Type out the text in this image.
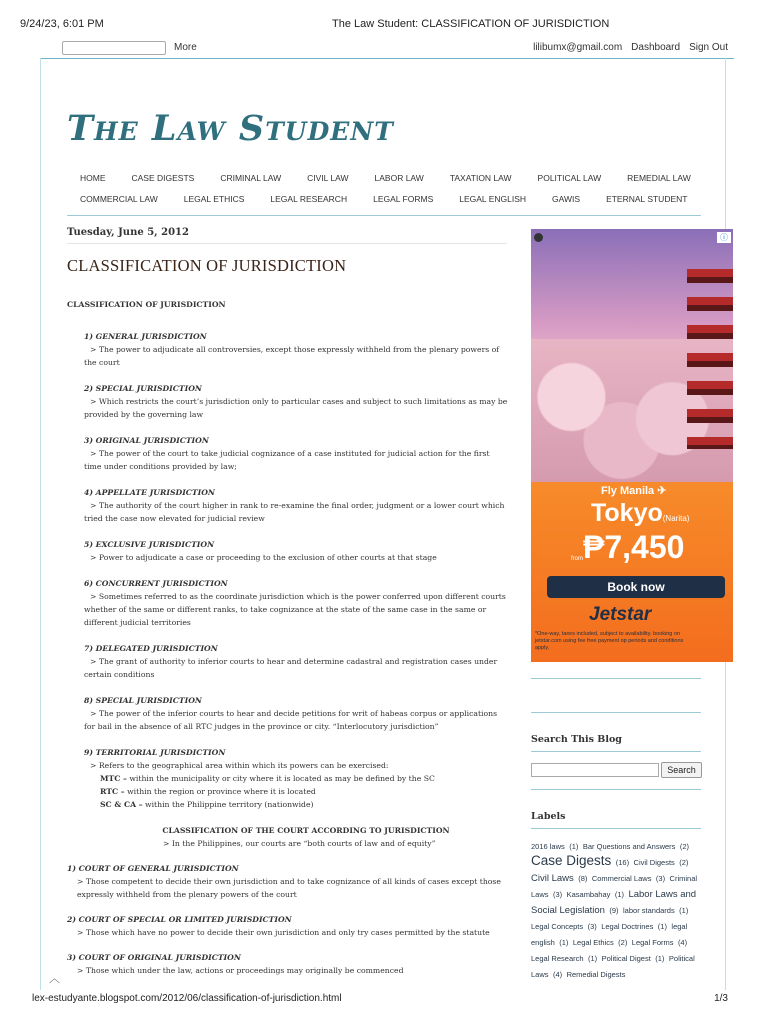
9/24/23, 6:01 PM	The Law Student: CLASSIFICATION OF JURISDICTION
More	lilibumx@gmail.com Dashboard Sign Out
The Law Student
HOME	CASE DIGESTS	CRIMINAL LAW	CIVIL LAW	LABOR LAW	TAXATION LAW	POLITICAL LAW	REMEDIAL LAW
COMMERCIAL LAW	LEGAL ETHICS	LEGAL RESEARCH	LEGAL FORMS	LEGAL ENGLISH	GAWIS	ETERNAL STUDENT
Tuesday, June 5, 2012
CLASSIFICATION OF JURISDICTION
CLASSIFICATION OF JURISDICTION
1) GENERAL JURISDICTION
> The power to adjudicate all controversies, except those expressly withheld from the plenary powers of the court
2) SPECIAL JURISDICTION
> Which restricts the court’s jurisdiction only to particular cases and subject to such limitations as may be provided by the governing law
3) ORIGINAL JURISDICTION
> The power of the court to take judicial cognizance of a case instituted for judicial action for the first time under conditions provided by law;
4) APPELLATE JURISDICTION
> The authority of the court higher in rank to re-examine the final order, judgment or a lower court which tried the case now elevated for judicial review
5) EXCLUSIVE JURISDICTION
> Power to adjudicate a case or proceeding to the exclusion of other courts at that stage
6) CONCURRENT JURISDICTION
> Sometimes referred to as the coordinate jurisdiction which is the power conferred upon different courts whether of the same or different ranks, to take cognizance at the state of the same case in the same or different judicial territories
7) DELEGATED JURISDICTION
> The grant of authority to inferior courts to hear and determine cadastral and registration cases under certain conditions
8) SPECIAL JURISDICTION
> The power of the inferior courts to hear and decide petitions for writ of habeas corpus or applications for bail in the absence of all RTC judges in the province or city. “Interlocutory jurisdiction”
9) TERRITORIAL JURISDICTION
> Refers to the geographical area within which its powers can be exercised:
MTC – within the municipality or city where it is located as may be defined by the SC
RTC – within the region or province where it is located
SC & CA – within the Philippine territory (nationwide)
CLASSIFICATION OF THE COURT ACCORDING TO JURISDICTION
> In the Philippines, our courts are “both courts of law and of equity”
1) COURT OF GENERAL JURISDICTION
> Those competent to decide their own jurisdiction and to take cognizance of all kinds of cases except those expressly withheld from the plenary powers of the court
2) COURT OF SPECIAL OR LIMITED JURISDICTION
> Those which have no power to decide their own jurisdiction and only try cases permitted by the statute
3) COURT OF ORIGINAL JURISDICTION
> Those which under the law, actions or proceedings may originally be commenced
ⓘ
Fly Manila ✈
Tokyo(Narita)
₱7,450
from
Book now
Jetstar
*One-way, taxes included, subject to availability. booking on jetstar.com using fee free payment op periods and conditions apply.
Search This Blog
Search
Labels
2016 laws (1) Bar Questions and Answers (2) Case Digests (16) Civil Digests (2) Civil Laws (8) Commercial Laws (3) Criminal Laws (3) Kasambahay (1) Labor Laws and Social Legislation (9) labor standards (1) Legal Concepts (3) Legal Doctrines (1) legal english (1) Legal Ethics (2) Legal Forms (4) Legal Research (1) Political Digest (1) Political Laws (4) Remedial Digests
︿
lex-estudyante.blogspot.com/2012/06/classification-of-jurisdiction.html	1/3
